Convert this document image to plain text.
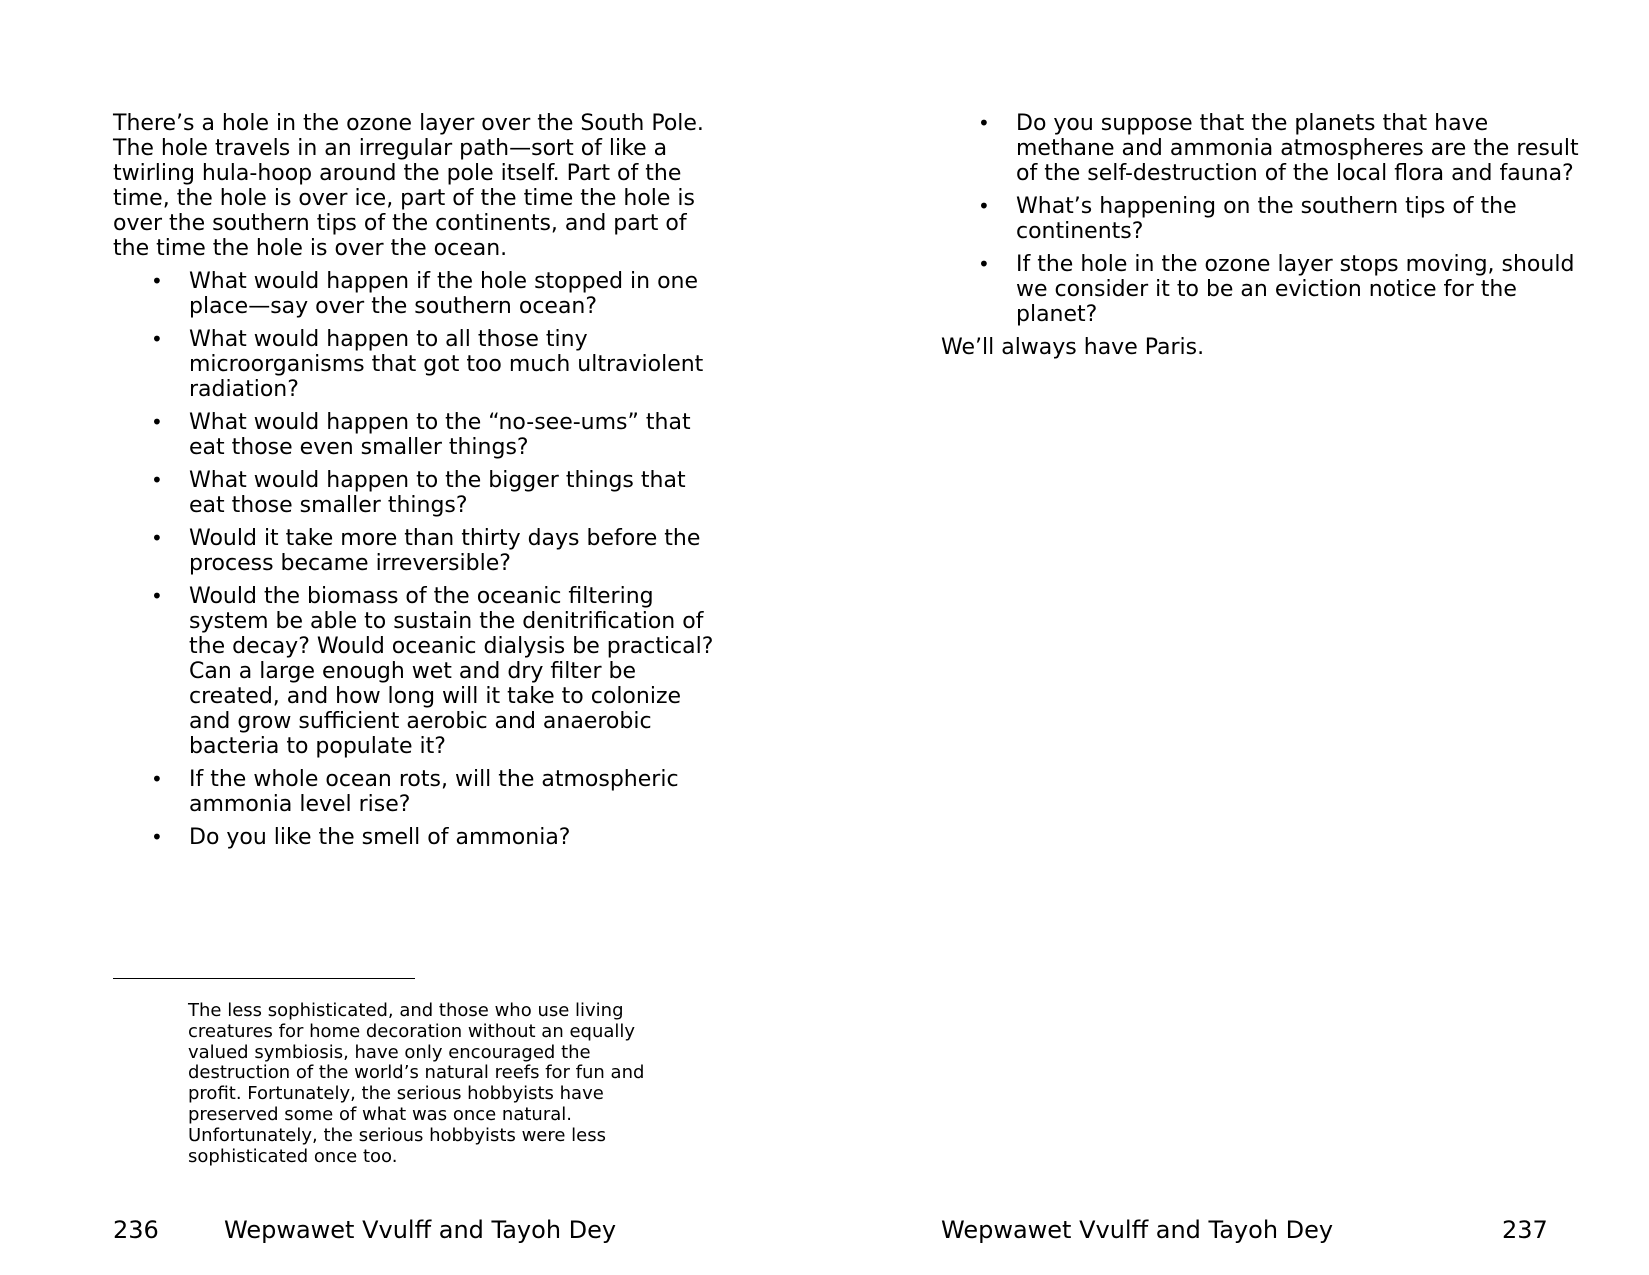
There’s a hole in the ozone layer over the South Pole. The hole travels in an irregular path—sort of like a twirling hula-hoop around the pole itself. Part of the time, the hole is over ice, part of the time the hole is over the southern tips of the continents, and part of the time the hole is over the ocean.

• What would happen if the hole stopped in one place—say over the southern ocean?
• What would happen to all those tiny microorganisms that got too much ultraviolent radiation?
• What would happen to the “no-see-ums” that eat those even smaller things?
• What would happen to the bigger things that eat those smaller things?
• Would it take more than thirty days before the process became irreversible?
• Would the biomass of the oceanic filtering system be able to sustain the denitrification of the decay? Would oceanic dialysis be practical? Can a large enough wet and dry filter be created, and how long will it take to colonize and grow sufficient aerobic and anaerobic bacteria to populate it?
• If the whole ocean rots, will the atmospheric ammonia level rise?
• Do you like the smell of ammonia?

The less sophisticated, and those who use living creatures for home decoration without an equally valued symbiosis, have only encouraged the destruction of the world’s natural reefs for fun and profit. Fortunately, the serious hobbyists have preserved some of what was once natural. Unfortunately, the serious hobbyists were less sophisticated once too.

236	Wepwawet Vvulff and Tayoh Dey
• Do you suppose that the planets that have methane and ammonia atmospheres are the result of the self-destruction of the local flora and fauna?
• What’s happening on the southern tips of the continents?
• If the hole in the ozone layer stops moving, should we consider it to be an eviction notice for the planet?

We’ll always have Paris.

Wepwawet Vvulff and Tayoh Dey	237
